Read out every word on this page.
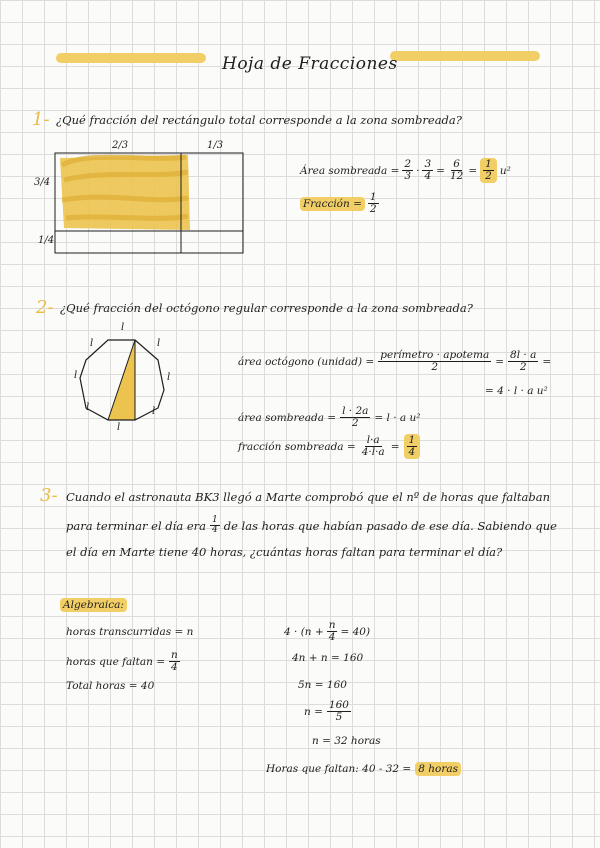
Hoja de Fracciones
1- ¿Qué fracción del rectángulo total corresponde a la zona sombreada?
2/3	1/3
3/4
1/4
Área sombreada = $\frac{2}{3} \cdot \frac{3}{4} = \frac{6}{12} = \frac{1}{2} u^2$
Fracción = $\frac{1}{2}$
2- ¿Qué fracción del octógono regular corresponde a la zona sombreada?
l
l	l
l	l
l	l
l
área octógono (unidad) = $\frac{\text{perímetro · apotema}}{2} = \frac{8l \cdot a}{2}$ =
= 4 · l · a u²
área sombreada = $\frac{l \cdot 2a}{2} = l \cdot a$ u²
fracción sombreada = $\frac{l\cdot a}{4\cdot l\cdot a} = \frac{1}{4}$
3- Cuando el astronauta BK3 llegó a Marte comprobó que el nº de horas que faltaban
para terminar el día era $\frac{1}{4}$ de las horas que habían pasado de ese día. Sabiendo que
el día en Marte tiene 40 horas, ¿cuántas horas faltan para terminar el día?
Algebraica:
horas transcurridas = n
horas que $faltan = \frac{n}{4}$
Total horas = 40
$4 \cdot (n + \frac{n}{4} = 40)$
4n + n = 160
5n = 160
$n = \frac{160}{5}$
n = 32 horas
Horas que faltan: 40 - 32 = 8 horas
